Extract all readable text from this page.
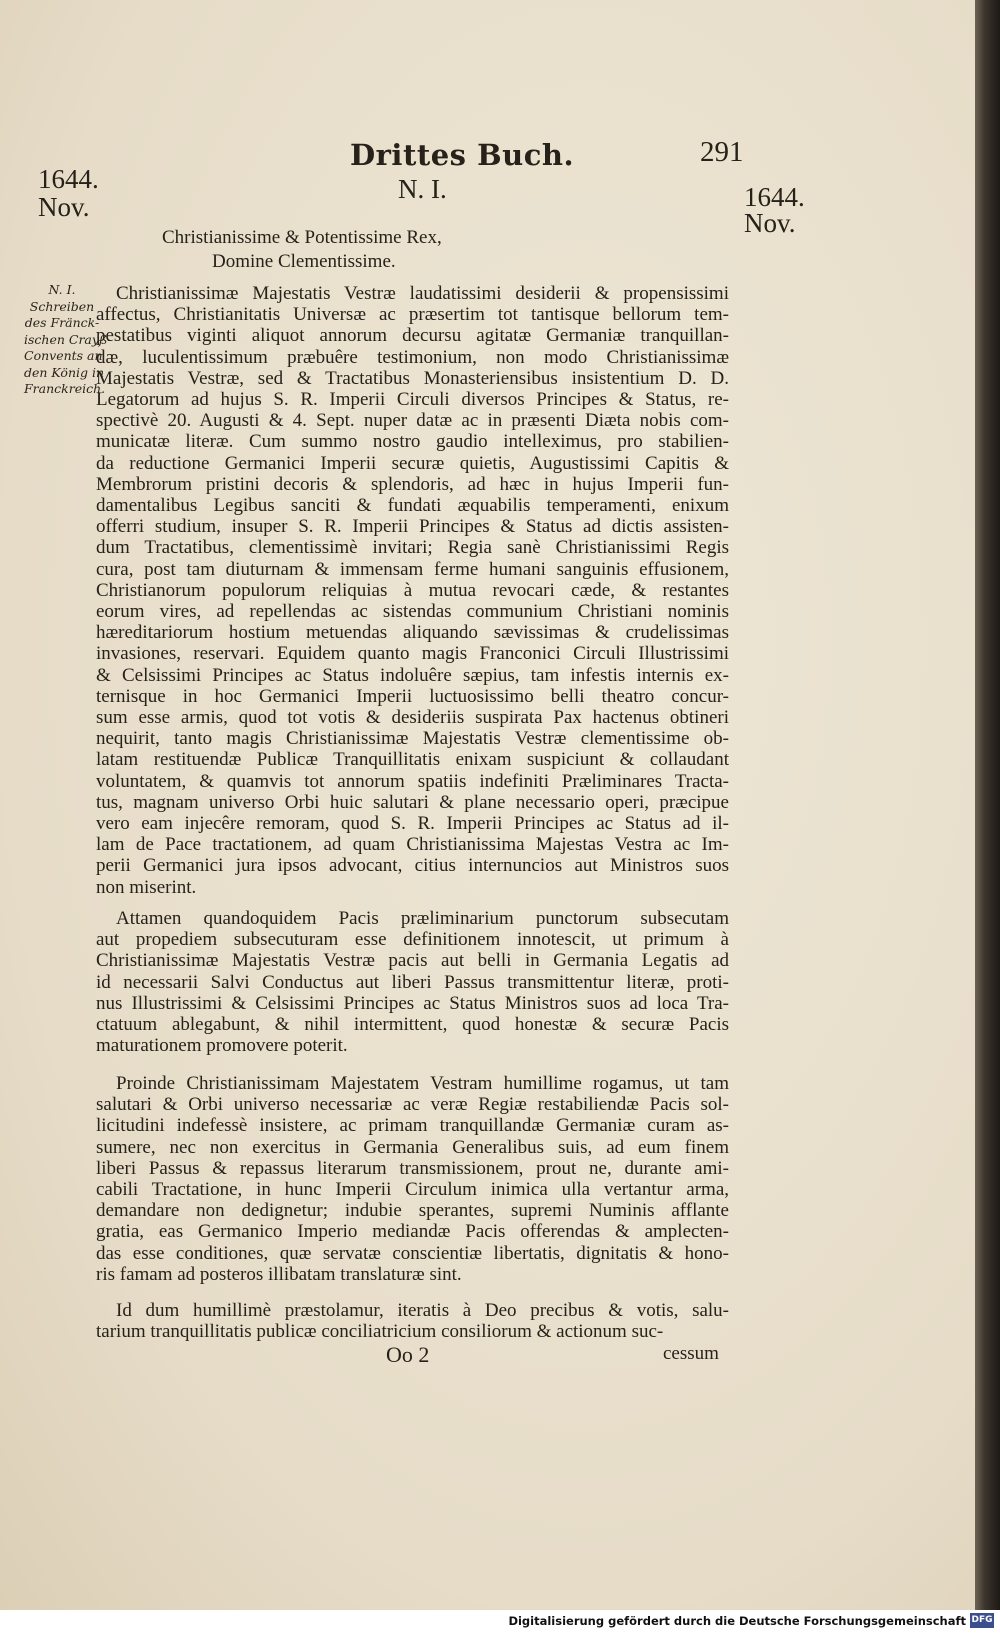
Drittes Buch.	291
1644.
Nov.	1644.
Nov.
N. I.
Christianissime & Potentissime Rex,
Domine Clementissime.
N. I.
Schreiben
des Fränck-
ischen Crayß-
Convents an
den König in
Franckreich.
Christianissimæ Majestatis Vestræ laudatissimi desiderii & propensissimi
affectus, Christianitatis Universæ ac præsertim tot tantisque bellorum tem-
pestatibus viginti aliquot annorum decursu agitatæ Germaniæ tranquillan-
dæ, luculentissimum præbuêre testimonium, non modo Christianissimæ
Majestatis Vestræ, sed & Tractatibus Monasteriensibus insistentium D. D.
Legatorum ad hujus S. R. Imperii Circuli diversos Principes & Status, re-
spectivè 20. Augusti & 4. Sept. nuper datæ ac in præsenti Diæta nobis com-
municatæ literæ. Cum summo nostro gaudio intelleximus, pro stabilien-
da reductione Germanici Imperii securæ quietis, Augustissimi Capitis &
Membrorum pristini decoris & splendoris, ad hæc in hujus Imperii fun-
damentalibus Legibus sanciti & fundati æquabilis temperamenti, enixum
offerri studium, insuper S. R. Imperii Principes & Status ad dictis assisten-
dum Tractatibus, clementissimè invitari; Regia sanè Christianissimi Regis
cura, post tam diuturnam & immensam ferme humani sanguinis effusionem,
Christianorum populorum reliquias à mutua revocari cæde, & restantes
eorum vires, ad repellendas ac sistendas communium Christiani nominis
hæreditariorum hostium metuendas aliquando sævissimas & crudelissimas
invasiones, reservari. Equidem quanto magis Franconici Circuli Illustrissimi
& Celsissimi Principes ac Status indoluêre sæpius, tam infestis internis ex-
ternisque in hoc Germanici Imperii luctuosissimo belli theatro concur-
sum esse armis, quod tot votis & desideriis suspirata Pax hactenus obtineri
nequirit, tanto magis Christianissimæ Majestatis Vestræ clementissime ob-
latam restituendæ Publicæ Tranquillitatis enixam suspiciunt & collaudant
voluntatem, & quamvis tot annorum spatiis indefiniti Præliminares Tracta-
tus, magnam universo Orbi huic salutari & plane necessario operi, præcipue
vero eam injecêre remoram, quod S. R. Imperii Principes ac Status ad il-
lam de Pace tractationem, ad quam Christianissima Majestas Vestra ac Im-
perii Germanici jura ipsos advocant, citius internuncios aut Ministros suos
non miserint.
Attamen quandoquidem Pacis præliminarium punctorum subsecutam
aut propediem subsecuturam esse definitionem innotescit, ut primum à
Christianissimæ Majestatis Vestræ pacis aut belli in Germania Legatis ad
id necessarii Salvi Conductus aut liberi Passus transmittentur literæ, proti-
nus Illustrissimi & Celsissimi Principes ac Status Ministros suos ad loca Tra-
ctatuum ablegabunt, & nihil intermittent, quod honestæ & securæ Pacis
maturationem promovere poterit.
Proinde Christianissimam Majestatem Vestram humillime rogamus, ut tam
salutari & Orbi universo necessariæ ac veræ Regiæ restabiliendæ Pacis sol-
licitudini indefessè insistere, ac primam tranquillandæ Germaniæ curam as-
sumere, nec non exercitus in Germania Generalibus suis, ad eum finem
liberi Passus & repassus literarum transmissionem, prout ne, durante ami-
cabili Tractatione, in hunc Imperii Circulum inimica ulla vertantur arma,
demandare non dedignetur; indubie sperantes, supremi Numinis afflante
gratia, eas Germanico Imperio mediandæ Pacis offerendas & amplecten-
das esse conditiones, quæ servatæ conscientiæ libertatis, dignitatis & hono-
ris famam ad posteros illibatam translaturæ sint.
Id dum humillimè præstolamur, iteratis à Deo precibus & votis, salu-
tarium tranquillitatis publicæ conciliatricium consiliorum & actionum suc-
Oo 2	cessum
Digitalisierung gefördert durch die Deutsche Forschungsgemeinschaft DFG
